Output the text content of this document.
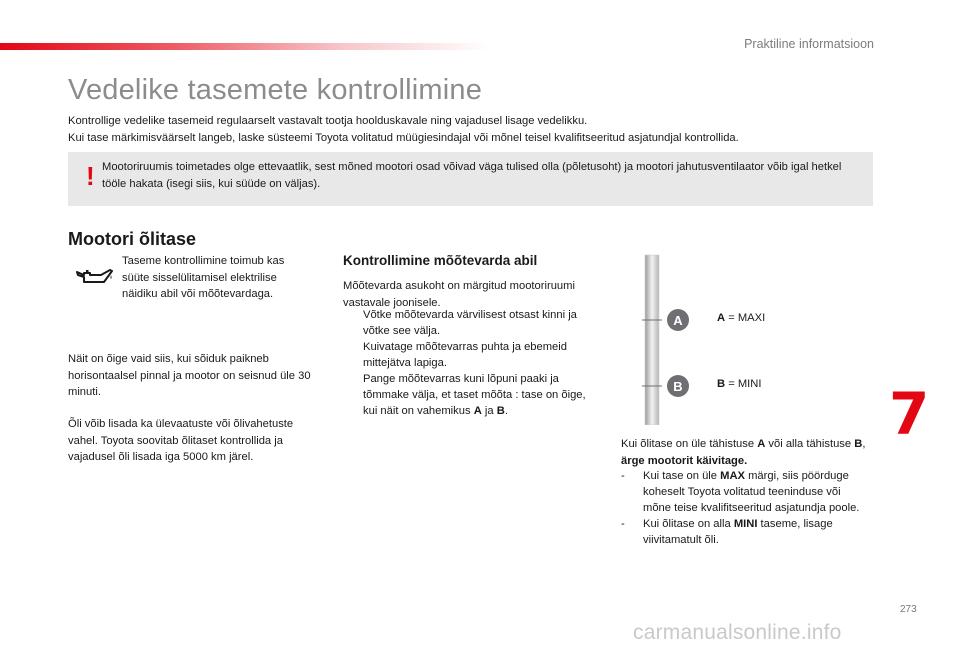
Praktiline informatsioon
Vedelike tasemete kontrollimine
Kontrollige vedelike tasemeid regulaarselt vastavalt tootja hoolduskavale ning vajadusel lisage vedelikku.
Kui tase märkimisväärselt langeb, laske süsteemi Toyota volitatud müügiesindajal või mõnel teisel kvalifitseeritud asjatundjal kontrollida.
! Mootoriruumis toimetades olge ettevaatlik, sest mõned mootori osad võivad väga tulised olla (põletusoht) ja mootori jahutusventilaator võib igal hetkel tööle hakata (isegi siis, kui süüde on väljas).
Mootori õlitase

Taseme kontrollimine toimub kas süüte sisselülitamisel elektrilise näidiku abil või mõõtevardaga.

Näit on õige vaid siis, kui sõiduk paikneb horisontaalsel pinnal ja mootor on seisnud üle 30 minuti.

Õli võib lisada ka ülevaatuste või õlivahetuste vahel. Toyota soovitab õlitaset kontrollida ja vajadusel õli lisada iga 5000 km järel.

Kontrollimine mõõtevarda abil

Mõõtevarda asukoht on märgitud mootoriruumi vastavale joonisele.

Võtke mõõtevarda värvilisest otsast kinni ja võtke see välja.
Kuivatage mõõtevarras puhta ja ebemeid mittejätva lapiga.
Pange mõõtevarras kuni lõpuni paaki ja tõmmake välja, et taset mõõta : tase on õige, kui näit on vahemikus A ja B.
A
B
A = MAXI
B = MINI

Kui õlitase on üle tähistuse A või alla tähistuse B, ärge mootorit käivitage.

- Kui tase on üle MAX märgi, siis pöörduge koheselt Toyota volitatud teeninduse või mõne teise kvalifitseeritud asjatundja poole.
- Kui õlitase on alla MINI taseme, lisage viivitamatult õli.
7
273
carmanualsonline.info
